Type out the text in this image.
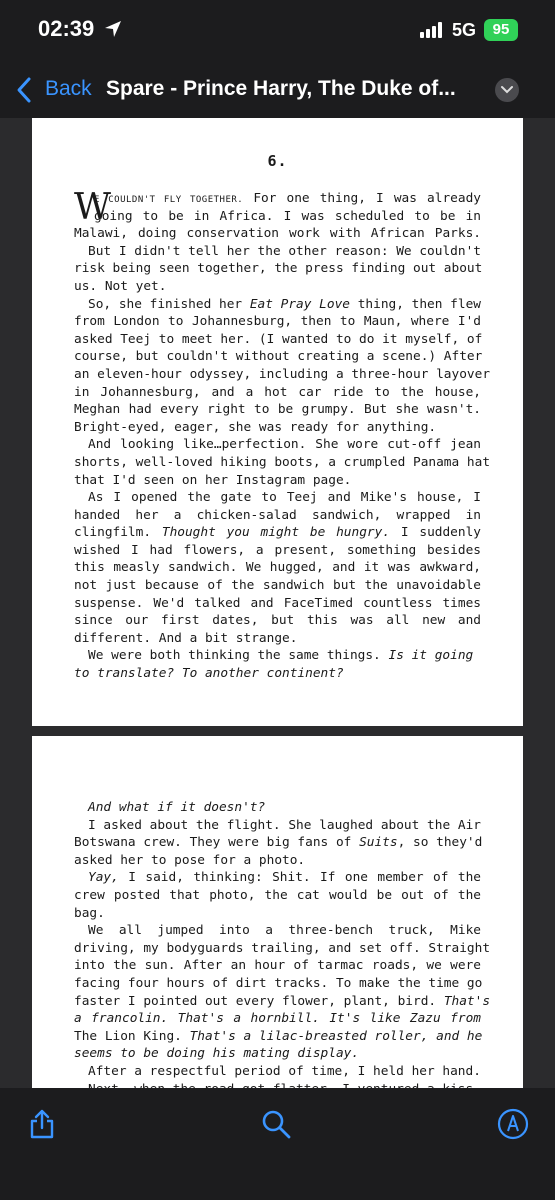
02:39	5G	95
Back Spare - Prince Harry, The Duke of...
6.
W
E COULDN'T FLY TOGETHER. For one thing, I was already
going to be in Africa. I was scheduled to be in
Malawi, doing conservation work with African Parks.
But I didn't tell her the other reason: We couldn't
risk being seen together, the press finding out about
us. Not yet.
So, she finished her Eat Pray Love thing, then flew
from London to Johannesburg, then to Maun, where I'd
asked Teej to meet her. (I wanted to do it myself, of
course, but couldn't without creating a scene.) After
an eleven-hour odyssey, including a three-hour layover
in Johannesburg, and a hot car ride to the house,
Meghan had every right to be grumpy. But she wasn't.
Bright-eyed, eager, she was ready for anything.
And looking like…perfection. She wore cut-off jean
shorts, well-loved hiking boots, a crumpled Panama hat
that I'd seen on her Instagram page.
As I opened the gate to Teej and Mike's house, I
handed her a chicken-salad sandwich, wrapped in
clingfilm. Thought you might be hungry. I suddenly
wished I had flowers, a present, something besides
this measly sandwich. We hugged, and it was awkward,
not just because of the sandwich but the unavoidable
suspense. We'd talked and FaceTimed countless times
since our first dates, but this was all new and
different. And a bit strange.
We were both thinking the same things. Is it going
to translate? To another continent?
And what if it doesn't?
I asked about the flight. She laughed about the Air
Botswana crew. They were big fans of Suits, so they'd
asked her to pose for a photo.
Yay, I said, thinking: Shit. If one member of the
crew posted that photo, the cat would be out of the
bag.
We all jumped into a three-bench truck, Mike
driving, my bodyguards trailing, and set off. Straight
into the sun. After an hour of tarmac roads, we were
facing four hours of dirt tracks. To make the time go
faster I pointed out every flower, plant, bird. That's
a francolin. That's a hornbill. It's like Zazu from
The Lion King. That's a lilac-breasted roller, and he
seems to be doing his mating display.
After a respectful period of time, I held her hand.
